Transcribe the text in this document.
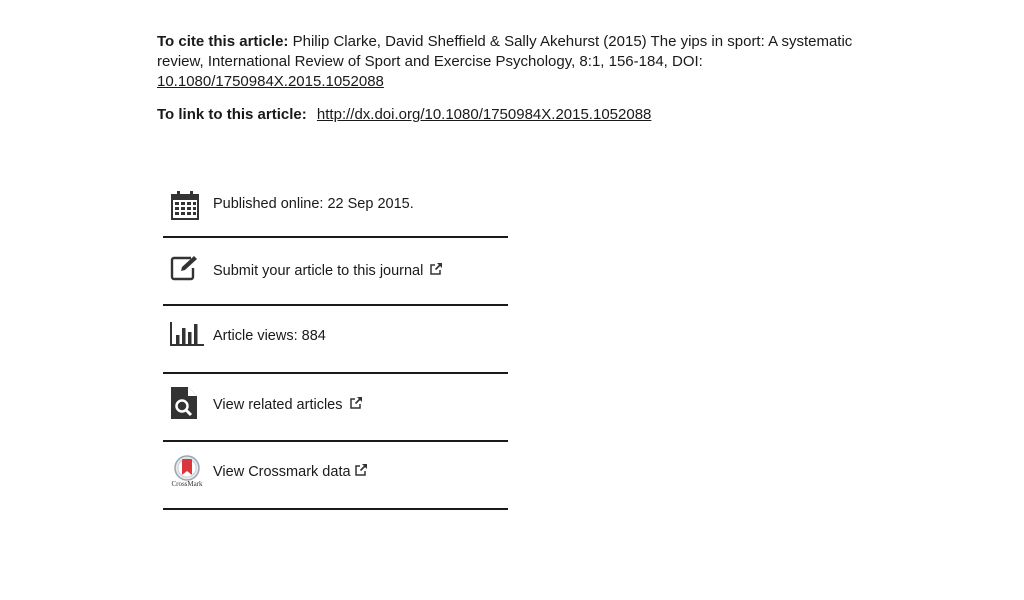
To cite this article: Philip Clarke, David Sheffield & Sally Akehurst (2015) The yips in sport: A systematic review, International Review of Sport and Exercise Psychology, 8:1, 156-184, DOI:
10.1080/1750984X.2015.1052088
To link to this article: http://dx.doi.org/10.1080/1750984X.2015.1052088
Published online: 22 Sep 2015.
Submit your article to this journal
Article views: 884
View related articles
CrossMark
View Crossmark data
